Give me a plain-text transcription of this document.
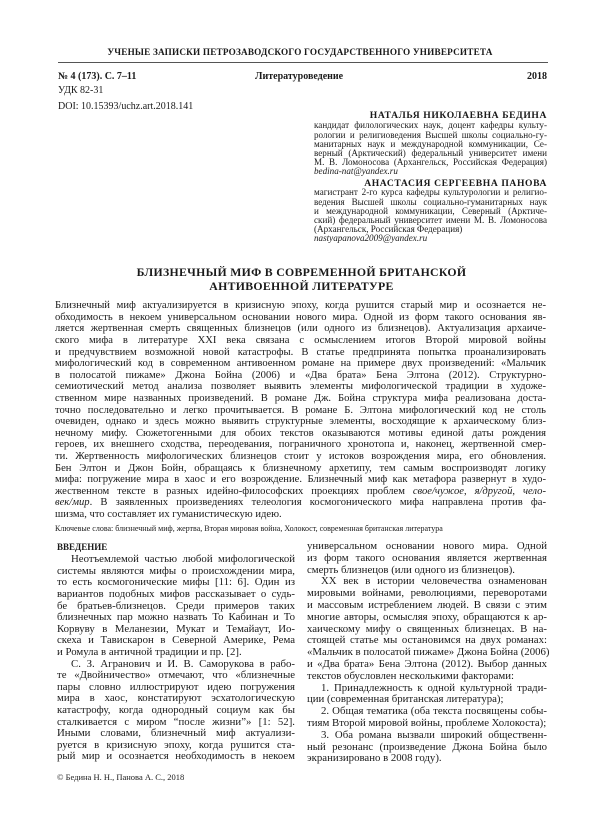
УЧЕНЫЕ ЗАПИСКИ ПЕТРОЗАВОДСКОГО ГОСУДАРСТВЕННОГО УНИВЕРСИТЕТА
№ 4 (173). С. 7–11	Литературоведение	2018
УДК 82-31
DOI: 10.15393/uchz.art.2018.141
НАТАЛЬЯ НИКОЛАЕВНА БЕДИНА
кандидат филологических наук, доцент кафедры культу-
рологии и религиоведения Высшей школы социально-гу-
манитарных наук и международной коммуникации, Се-
верный (Арктический) федеральный университет имени
М. В. Ломоносова (Архангельск, Российская Федерация)
bedina-nat@yandex.ru
АНАСТАСИЯ СЕРГЕЕВНА ПАНОВА
магистрант 2-го курса кафедры культурологии и религио-
ведения Высшей школы социально-гуманитарных наук
и международной коммуникации, Северный (Арктиче-
ский) федеральный университет имени М. В. Ломоносова
(Архангельск, Российская Федерация)
nastyapanova2009@yandex.ru
БЛИЗНЕЧНЫЙ МИФ В СОВРЕМЕННОЙ БРИТАНСКОЙ
АНТИВОЕННОЙ ЛИТЕРАТУРЕ
Близнечный миф актуализируется в кризисную эпоху, когда рушится старый мир и осознается не-
обходимость в некоем универсальном основании нового мира. Одной из форм такого основания яв-
ляется жертвенная смерть священных близнецов (или одного из близнецов). Актуализация архаиче-
ского мифа в литературе XXI века связана с осмыслением итогов Второй мировой войны
и предчувствием возможной новой катастрофы. В статье предпринята попытка проанализировать
мифологический код в современном антивоенном романе на примере двух произведений: «Мальчик
в полосатой пижаме» Джона Бойна (2006) и «Два брата» Бена Элтона (2012). Структурно-
семиотический метод анализа позволяет выявить элементы мифологической традиции в художе-
ственном мире названных произведений. В романе Дж. Бойна структура мифа реализована доста-
точно последовательно и легко прочитывается. В романе Б. Элтона мифологический код не столь
очевиден, однако и здесь можно выявить структурные элементы, восходящие к архаическому близ-
нечному мифу. Сюжетогенными для обоих текстов оказываются мотивы единой даты рождения
героев, их внешнего сходства, переодевания, пограничного хронотопа и, наконец, жертвенной смер-
ти. Жертвенность мифологических близнецов стоит у истоков возрождения мира, его обновления.
Бен Элтон и Джон Бойн, обращаясь к близнечному архетипу, тем самым воспроизводят логику
мифа: погружение мира в хаос и его возрождение. Близнечный миф как метафора развернут в худо-
жественном тексте в разных идейно-философских проекциях проблем свое/чужое, я/другой, чело-
век/мир. В заявленных произведениях телеология космогонического мифа направлена против фа-
шизма, что составляет их гуманистическую идею.
Ключевые слова: близнечный миф, жертва, Вторая мировая война, Холокост, современная британская литература
ВВЕДЕНИЕ
Неотъемлемой частью любой мифологической
системы являются мифы о происхождении мира,
то есть космогонические мифы [11: 6]. Один из
вариантов подобных мифов рассказывает о судь-
бе братьев-близнецов. Среди примеров таких
близнечных пар можно назвать То Кабинан и То
Корвуву в Меланезии, Мукат и Темайаут, Ио-
скеха и Тавискарон в Северной Америке, Рема
и Ромула в античной традиции и пр. [2].
С. З. Агранович и И. В. Саморукова в рабо-
те «Двойничество» отмечают, что «близнечные
пары словно иллюстрируют идею погружения
мира в хаос, констатируют эсхатологическую
катастрофу, когда однородный социум как бы
сталкивается с миром “после жизни”» [1: 52].
Иными словами, близнечный миф актуализи-
руется в кризисную эпоху, когда рушится ста-
рый мир и осознается необходимость в некоем
универсальном основании нового мира. Одной
из форм такого основания является жертвенная
смерть близнецов (или одного из близнецов).
XX век в истории человечества ознаменован
мировыми войнами, революциями, переворотами
и массовым истреблением людей. В связи с этим
многие авторы, осмысляя эпоху, обращаются к ар-
хаическому мифу о священных близнецах. В на-
стоящей статье мы остановимся на двух романах:
«Мальчик в полосатой пижаме» Джона Бойна (2006)
и «Два брата» Бена Элтона (2012). Выбор данных
текстов обусловлен несколькими факторами:
1. Принадлежность к одной культурной тради-
ции (современная британская литература);
2. Общая тематика (оба текста посвящены собы-
тиям Второй мировой войны, проблеме Холокоста);
3. Оба романа вызвали широкий общественн-
ный резонанс (произведение Джона Бойна было
экранизировано в 2008 году).
© Бедина Н. Н., Панова А. С., 2018
